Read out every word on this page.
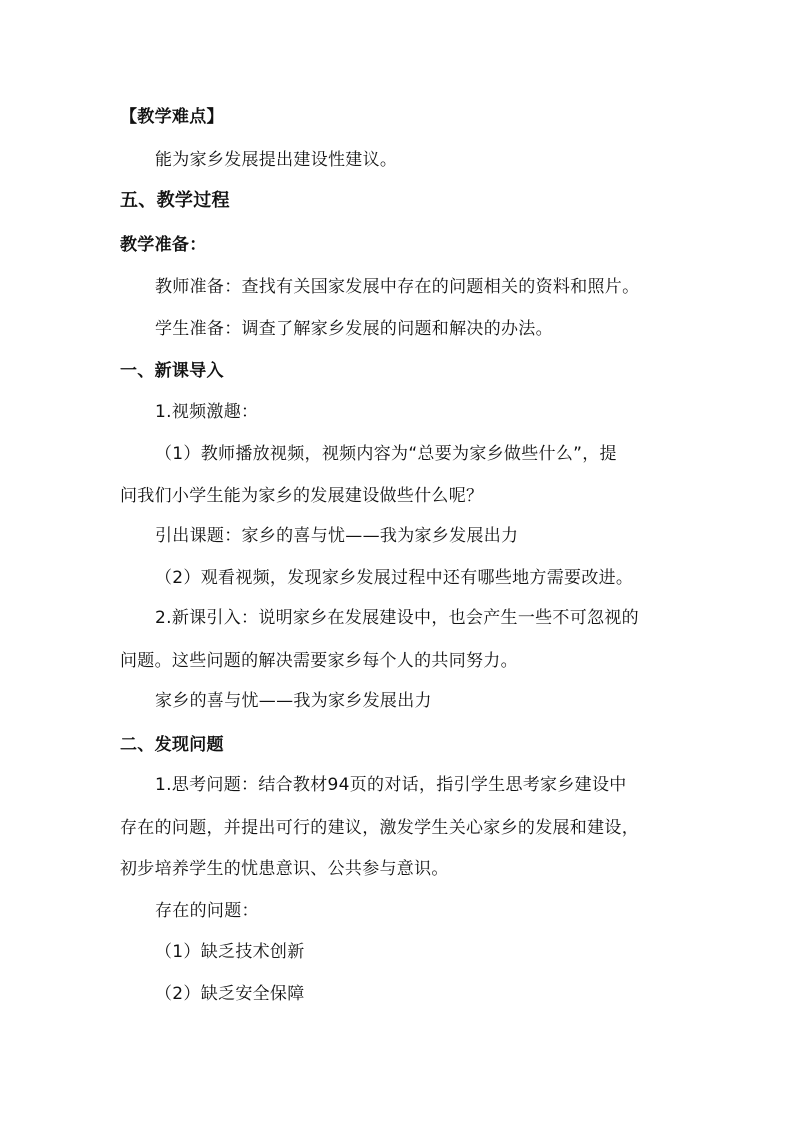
【教学难点】
能为家乡发展提出建设性建议。
五、教学过程
教学准备：
教师准备：查找有关国家发展中存在的问题相关的资料和照片。
学生准备：调查了解家乡发展的问题和解决的办法。
一、新课导入
1.视频激趣：
（1）教师播放视频，视频内容为“总要为家乡做些什么”，提
问我们小学生能为家乡的发展建设做些什么呢？
引出课题：家乡的喜与忧——我为家乡发展出力
（2）观看视频，发现家乡发展过程中还有哪些地方需要改进。
2.新课引入：说明家乡在发展建设中，也会产生一些不可忽视的
问题。这些问题的解决需要家乡每个人的共同努力。
家乡的喜与忧——我为家乡发展出力
二、发现问题
1.思考问题：结合教材94页的对话，指引学生思考家乡建设中
存在的问题，并提出可行的建议，激发学生关心家乡的发展和建设，
初步培养学生的忧患意识、公共参与意识。
存在的问题：
（1）缺乏技术创新
（2）缺乏安全保障
